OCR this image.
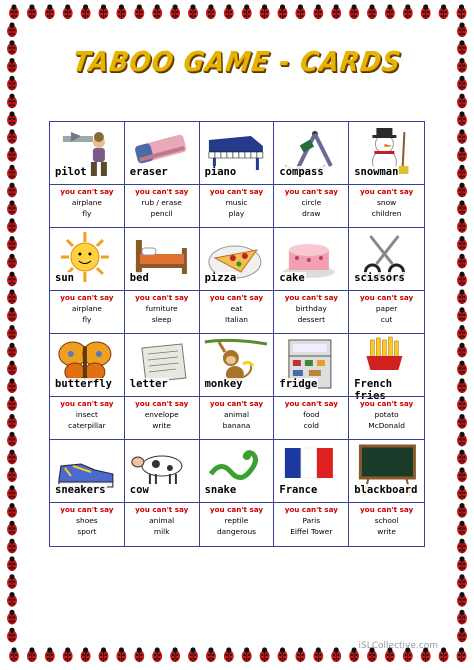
TABOO GAME - CARDS
pilot
you can't say
airplane
fly
eraser
you can't say
rub / erase
pencil
piano
you can't say
music
play
compass
you can't say
circle
draw
snowman
you can't say
snow
children
sun
you can't say
airplane
fly
bed
you can't say
furniture
sleep
pizza
you can't say
eat
Italian
cake
you can't say
birthday
dessert
scissors
you can't say
paper
cut
butterfly
you can't say
insect
caterpillar
letter
you can't say
envelope
write
monkey
you can't say
animal
banana
fridge
you can't say
food
cold
French fries
you can't say
potato
McDonald
sneakers
you can't say
shoes
sport
cow
you can't say
animal
milk
snake
you can't say
reptile
dangerous
France
you can't say
Paris
Eiffel Tower
blackboard
you can't say
school
write
iSLCollective.com
